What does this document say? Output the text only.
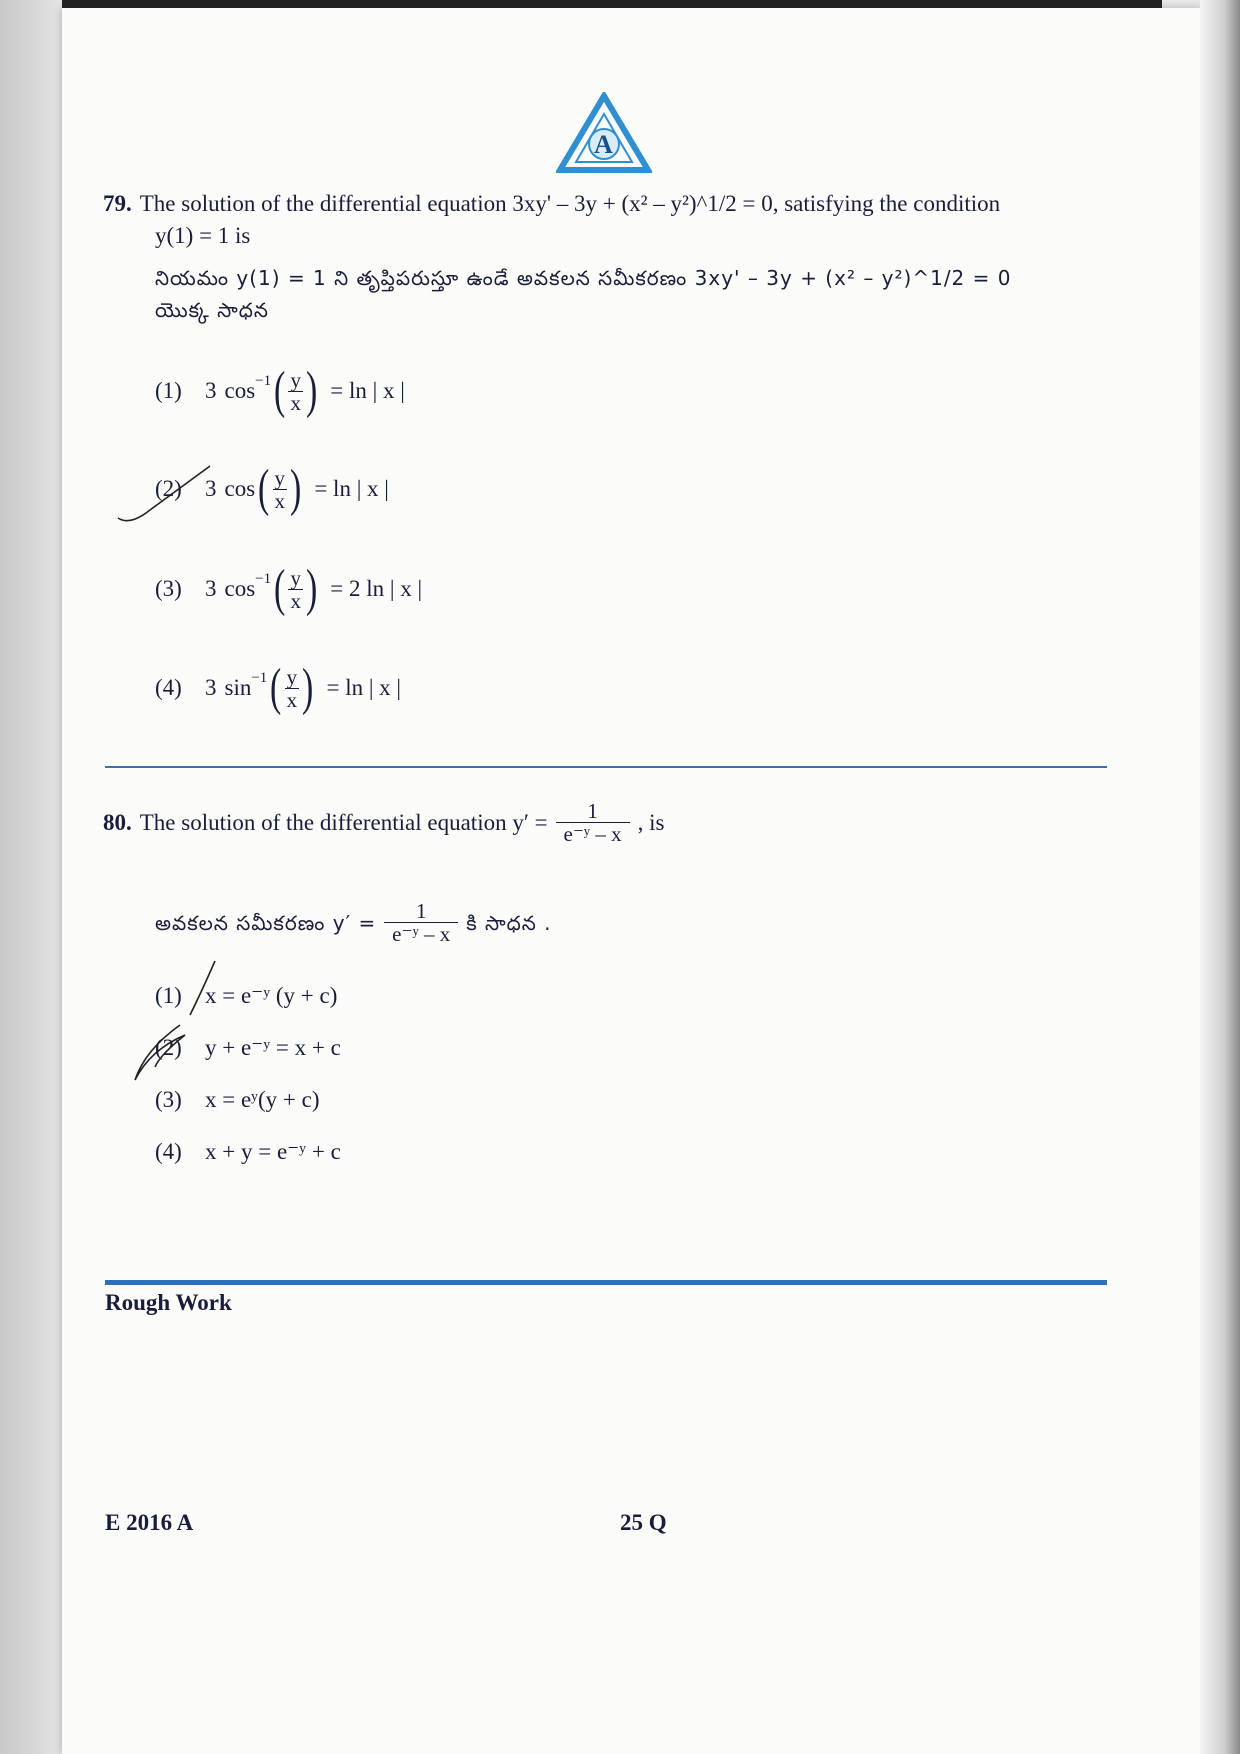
A
79. The solution of the differential equation 3xy' – 3y + (x² – y²)^1/2 = 0, satisfying the condition
y(1) = 1 is
నియమం y(1) = 1 ని తృప్తిపరుస్తూ ఉండే అవకలన సమీకరణం 3xy' – 3y + (x² – y²)^1/2 = 0
యొక్క సాధన
(1)	3 $\cos^{-1}$ ( $\frac{y}{x}$ ) = ln | x |
(2)	3 cos ( $\frac{y}{x}$ ) = ln | x |
(3)	3 $\cos^{-1}$ ( $\frac{y}{x}$ ) = 2 ln | x |
(4)	3 $\sin^{-1}$ ( $\frac{y}{x}$ ) = ln | x |
80. The solution of the differential equation $y' = \frac{1}{\text{e⁻ʸ – x}}$ , is
అవకలన సమీకరణం $y' = \frac{1}{\text{e⁻ʸ – x}}$ కి సాధన .
(1)	x = e⁻ʸ (y + c)
(2)	y + e⁻ʸ = x + c
(3)	x = eʸ(y + c)
(4)	x + y = e⁻ʸ + c
Rough Work
E 2016 A	25 Q
